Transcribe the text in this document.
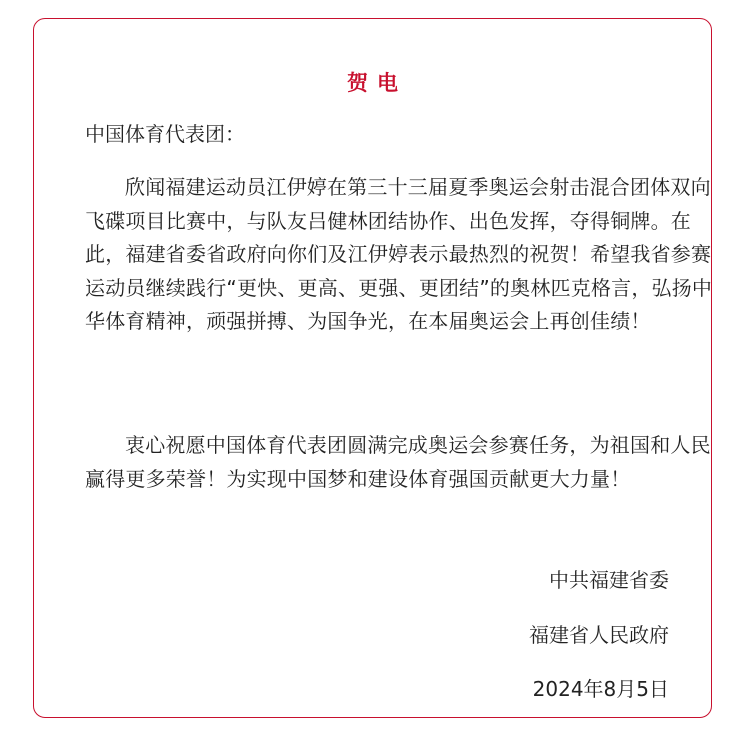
贺电
中国体育代表团：

欣闻福建运动员江伊婷在第三十三届夏季奥运会射击混合团体双向飞碟项目比赛中，与队友吕健林团结协作、出色发挥，夺得铜牌。在此，福建省委省政府向你们及江伊婷表示最热烈的祝贺！希望我省参赛运动员继续践行“更快、更高、更强、更团结”的奥林匹克格言，弘扬中华体育精神，顽强拼搏、为国争光，在本届奥运会上再创佳绩！

衷心祝愿中国体育代表团圆满完成奥运会参赛任务，为祖国和人民赢得更多荣誉！为实现中国梦和建设体育强国贡献更大力量！

中共福建省委
福建省人民政府
2024年8月5日
